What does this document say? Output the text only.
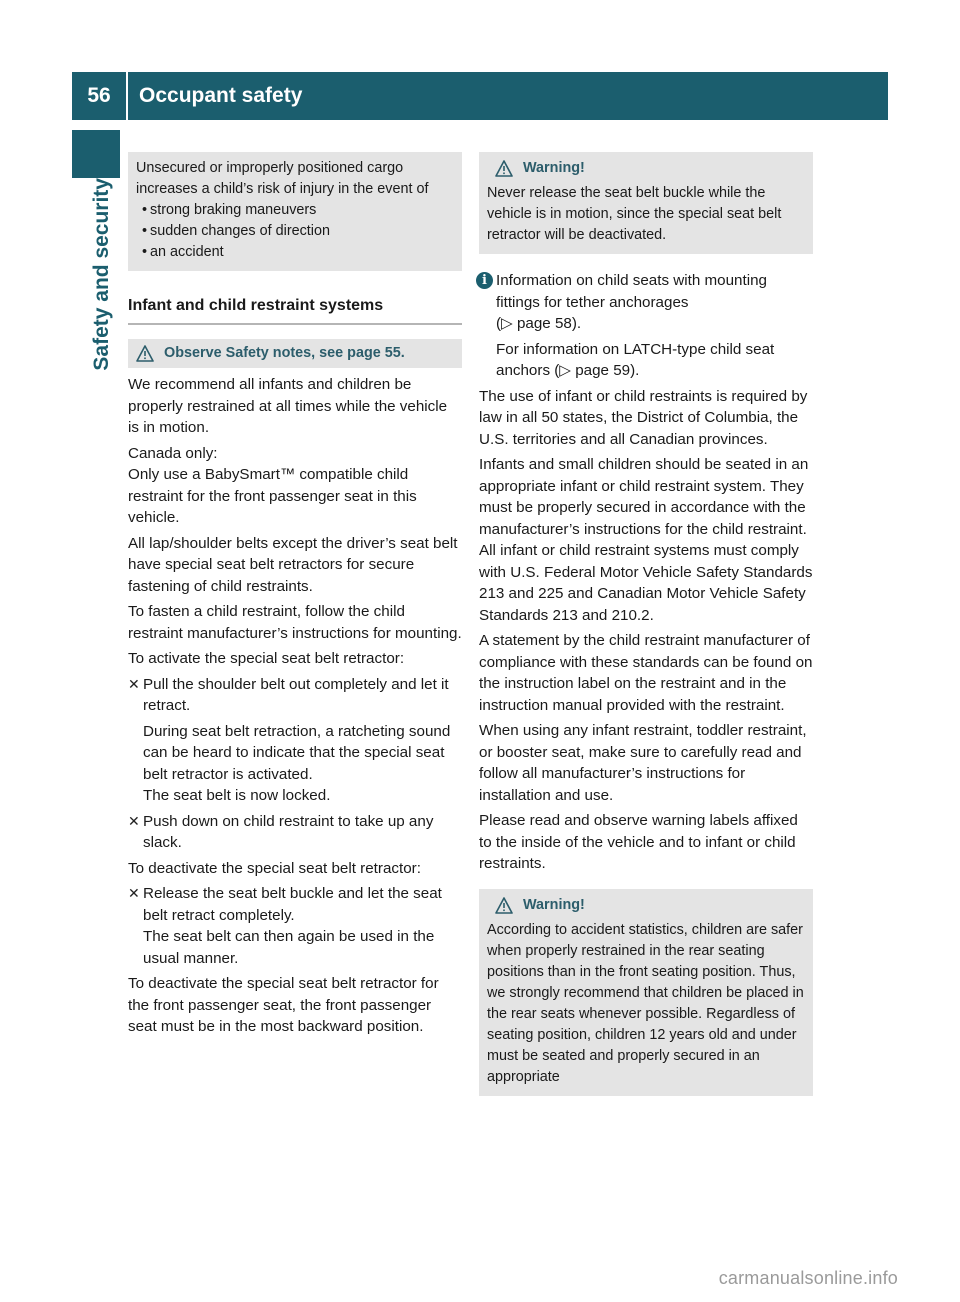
56	Occupant safety
Safety and security

Unsecured or improperly positioned cargo increases a child’s risk of injury in the event of

• strong braking maneuvers

• sudden changes of direction

• an accident

Infant and child restraint systems
Observe Safety notes, see page 55.

We recommend all infants and children be properly restrained at all times while the vehicle is in motion.

Canada only:

Only use a BabySmart™ compatible child restraint for the front passenger seat in this vehicle.

All lap/shoulder belts except the driver’s seat belt have special seat belt retractors for secure fastening of child restraints.

To fasten a child restraint, follow the child restraint manufacturer’s instructions for mounting.

To activate the special seat belt retractor:

✕ Pull the shoulder belt out completely and let it retract.
During seat belt retraction, a ratcheting sound can be heard to indicate that the special seat belt retractor is activated.
The seat belt is now locked.
✕ Push down on child restraint to take up any slack.

To deactivate the special seat belt retractor:

✕ Release the seat belt buckle and let the seat belt retract completely.
The seat belt can then again be used in the usual manner.

To deactivate the special seat belt retractor for the front passenger seat, the front passenger seat must be in the most backward position.

Warning!

Never release the seat belt buckle while the vehicle is in motion, since the special seat belt retractor will be deactivated.

i Information on child seats with mounting fittings for tether anchorages
(▷ page 58).
For information on LATCH-type child seat anchors (▷ page 59).

The use of infant or child restraints is required by law in all 50 states, the District of Columbia, the U.S. territories and all Canadian provinces.

Infants and small children should be seated in an appropriate infant or child restraint system. They must be properly secured in accordance with the manufacturer’s instructions for the child restraint. All infant or child restraint systems must comply with U.S. Federal Motor Vehicle Safety Standards 213 and 225 and Canadian Motor Vehicle Safety Standards 213 and 210.2.

A statement by the child restraint manufacturer of compliance with these standards can be found on the instruction label on the restraint and in the instruction manual provided with the restraint.

When using any infant restraint, toddler restraint, or booster seat, make sure to carefully read and follow all manufacturer’s instructions for installation and use.

Please read and observe warning labels affixed to the inside of the vehicle and to infant or child restraints.

Warning!

According to accident statistics, children are safer when properly restrained in the rear seating positions than in the front seating position. Thus, we strongly recommend that children be placed in the rear seats whenever possible. Regardless of seating position, children 12 years old and under must be seated and properly secured in an appropriate

carmanualsonline.info
